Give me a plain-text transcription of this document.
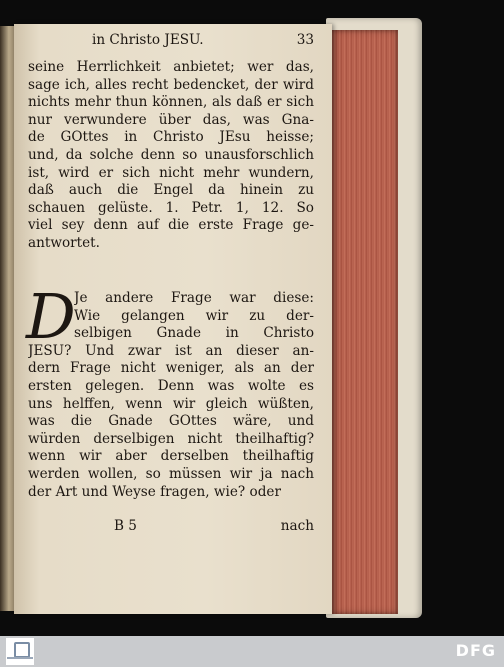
in Christo JESU.	33
seine Herrlichkeit anbietet; wer das,
sage ich, alles recht bedencket, der wird
nichts mehr thun können, als daß er sich
nur verwundere über das, was Gna-
de GOttes in Christo JEsu heisse;
und, da solche denn so unausforschlich
ist, wird er sich nicht mehr wundern,
daß auch die Engel da hinein zu
schauen gelüste. 1. Petr. 1, 12. So
viel sey denn auf die erste Frage ge-
antwortet.
D
Je andere Frage war diese:
Wie gelangen wir zu der-
selbigen Gnade in Christo
JESU? Und zwar ist an dieser an-
dern Frage nicht weniger, als an der
ersten gelegen. Denn was wolte es
uns helffen, wenn wir gleich wüßten,
was die Gnade GOttes wäre, und
würden derselbigen nicht theilhaftig?
wenn wir aber derselben theilhaftig
werden wollen, so müssen wir ja nach
der Art und Weyse fragen, wie? oder
B 5	nach
DFG
